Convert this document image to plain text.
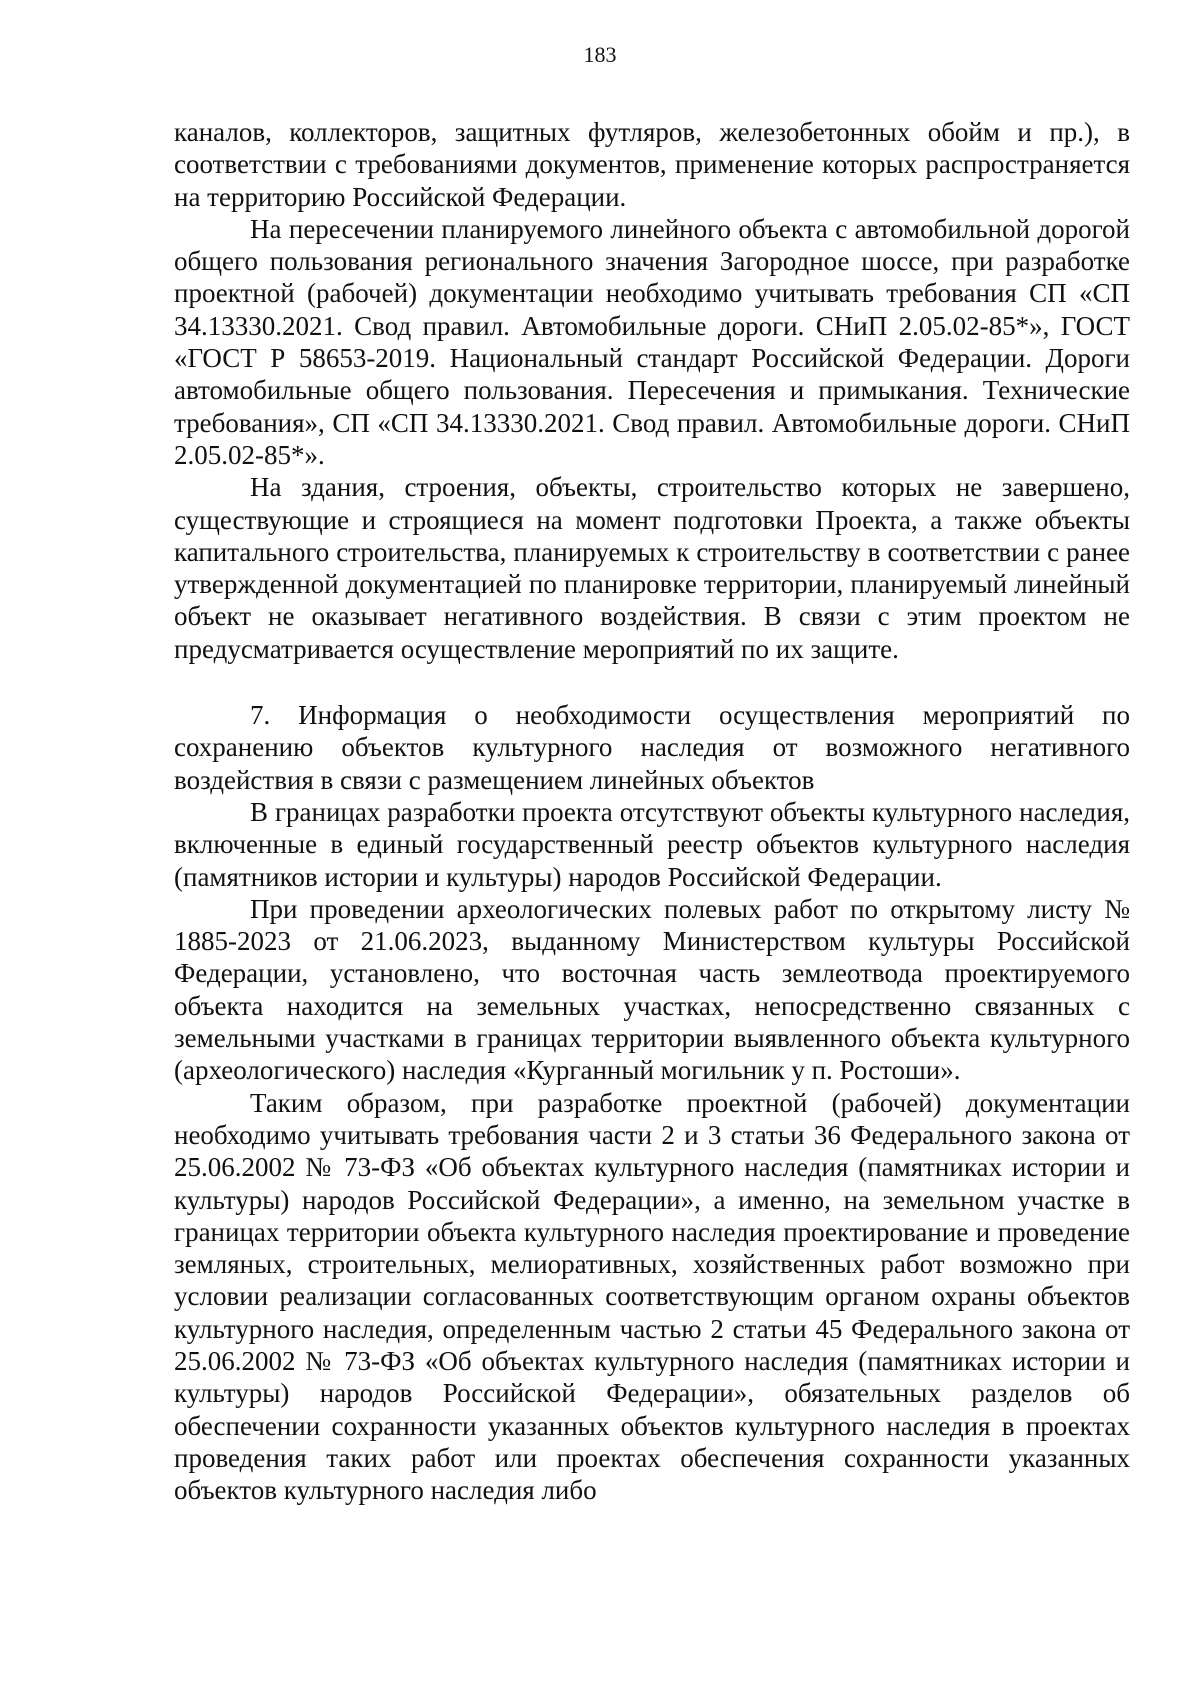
183

каналов, коллекторов, защитных футляров, железобетонных обойм и пр.), в соответствии с требованиями документов, применение которых распространяется на территорию Российской Федерации.

На пересечении планируемого линейного объекта с автомобильной дорогой общего пользования регионального значения Загородное шоссе, при разработке проектной (рабочей) документации необходимо учитывать требования СП «СП 34.13330.2021. Свод правил. Автомобильные дороги. СНиП 2.05.02-85*», ГОСТ «ГОСТ Р 58653-2019. Национальный стандарт Российской Федерации. Дороги автомобильные общего пользования. Пересечения и примыкания. Технические требования», СП «СП 34.13330.2021. Свод правил. Автомобильные дороги. СНиП 2.05.02-85*».

На здания, строения, объекты, строительство которых не завершено, существующие и строящиеся на момент подготовки Проекта, а также объекты капитального строительства, планируемых к строительству в соответствии с ранее утвержденной документацией по планировке территории, планируемый линейный объект не оказывает негативного воздействия. В связи с этим проектом не предусматривается осуществление мероприятий по их защите.

7. Информация о необходимости осуществления мероприятий по сохранению объектов культурного наследия от возможного негативного воздействия в связи с размещением линейных объектов

В границах разработки проекта отсутствуют объекты культурного наследия, включенные в единый государственный реестр объектов культурного наследия (памятников истории и культуры) народов Российской Федерации.

При проведении археологических полевых работ по открытому листу № 1885-2023 от 21.06.2023, выданному Министерством культуры Российской Федерации, установлено, что восточная часть землеотвода проектируемого объекта находится на земельных участках, непосредственно связанных с земельными участками в границах территории выявленного объекта культурного (археологического) наследия «Курганный могильник у п. Ростоши».

Таким образом, при разработке проектной (рабочей) документации необходимо учитывать требования части 2 и 3 статьи 36 Федерального закона от 25.06.2002 № 73-ФЗ «Об объектах культурного наследия (памятниках истории и культуры) народов Российской Федерации», а именно, на земельном участке в границах территории объекта культурного наследия проектирование и проведение земляных, строительных, мелиоративных, хозяйственных работ возможно при условии реализации согласованных соответствующим органом охраны объектов культурного наследия, определенным частью 2 статьи 45 Федерального закона от 25.06.2002 № 73-ФЗ «Об объектах культурного наследия (памятниках истории и культуры) народов Российской Федерации», обязательных разделов об обеспечении сохранности указанных объектов культурного наследия в проектах проведения таких работ или проектах обеспечения сохранности указанных объектов культурного наследия либо
